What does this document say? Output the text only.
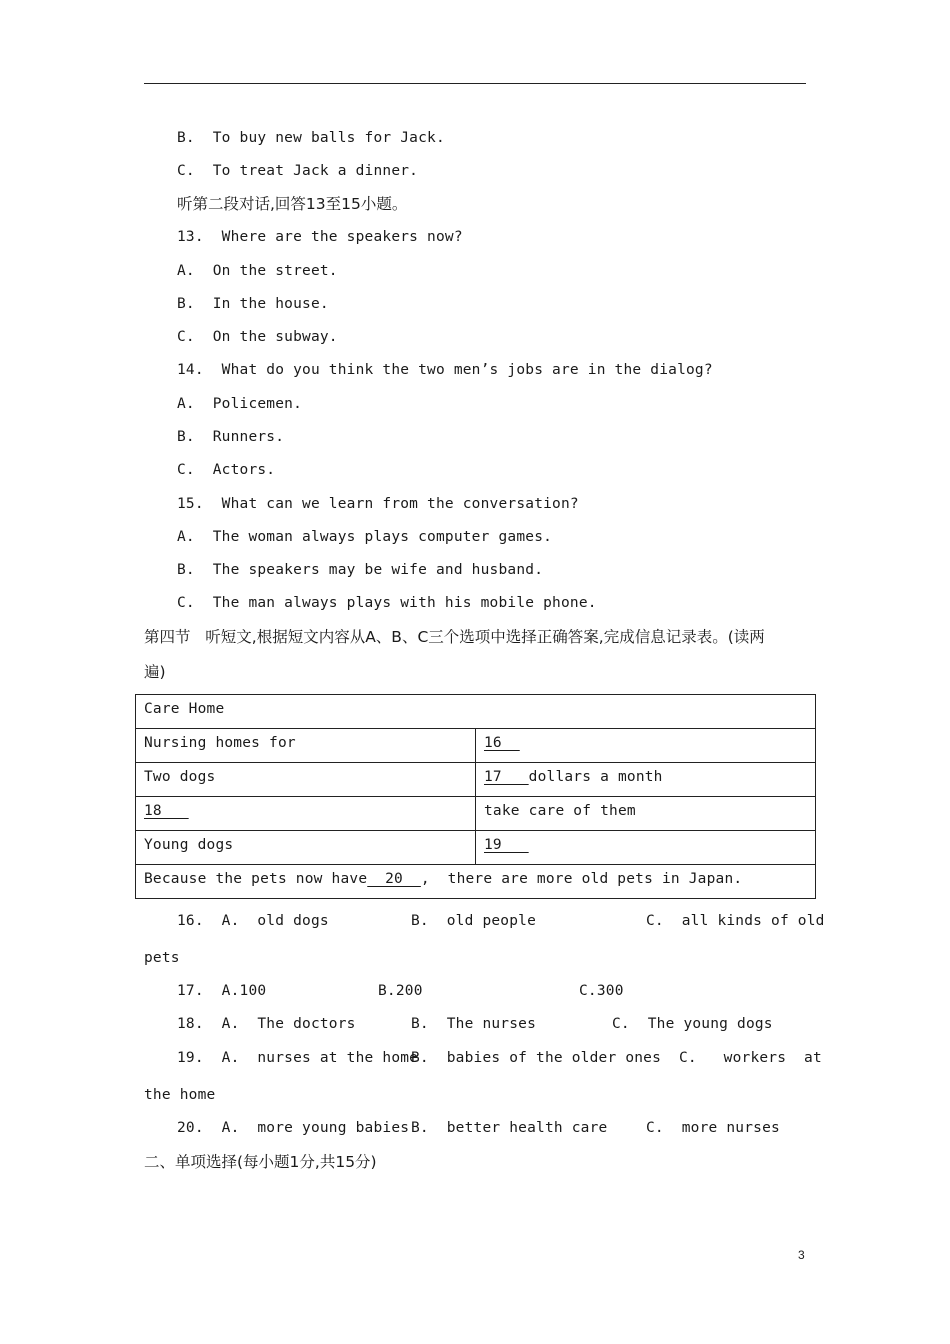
B.  To buy new balls for Jack.
C.  To treat Jack a dinner.
听第二段对话,回答13至15小题。
13.  Where are the speakers now?
A.  On the street.
B.  In the house.
C.  On the subway.
14.  What do you think the two men’s jobs are in the dialog?
A.  Policemen.
B.  Runners.
C.  Actors.
15.  What can we learn from the conversation?
A.  The woman always plays computer games.
B.  The speakers may be wife and husband.
C.  The man always plays with his mobile phone.
第四节   听短文,根据短文内容从A、B、C三个选项中选择正确答案,完成信息记录表。(读两
遍)
Care Home	
Nursing homes for	16
Two dogs	17   dollars a month
18	take care of them
Young dogs	19
Because the pets now have  20  ,  there are more old pets in Japan.	
16.  A.  old dogs	B.  old people	C.  all kinds of old
pets
17.  A.100	B.200	C.300
18.  A.  The doctors	B.  The nurses	C.  The young dogs
19.  A.  nurses at the home
B.  babies of the older ones C.   workers  at
the home
20.  A.  more young babies B.  better health care	C.  more nurses
二、单项选择(每小题1分,共15分)
3
